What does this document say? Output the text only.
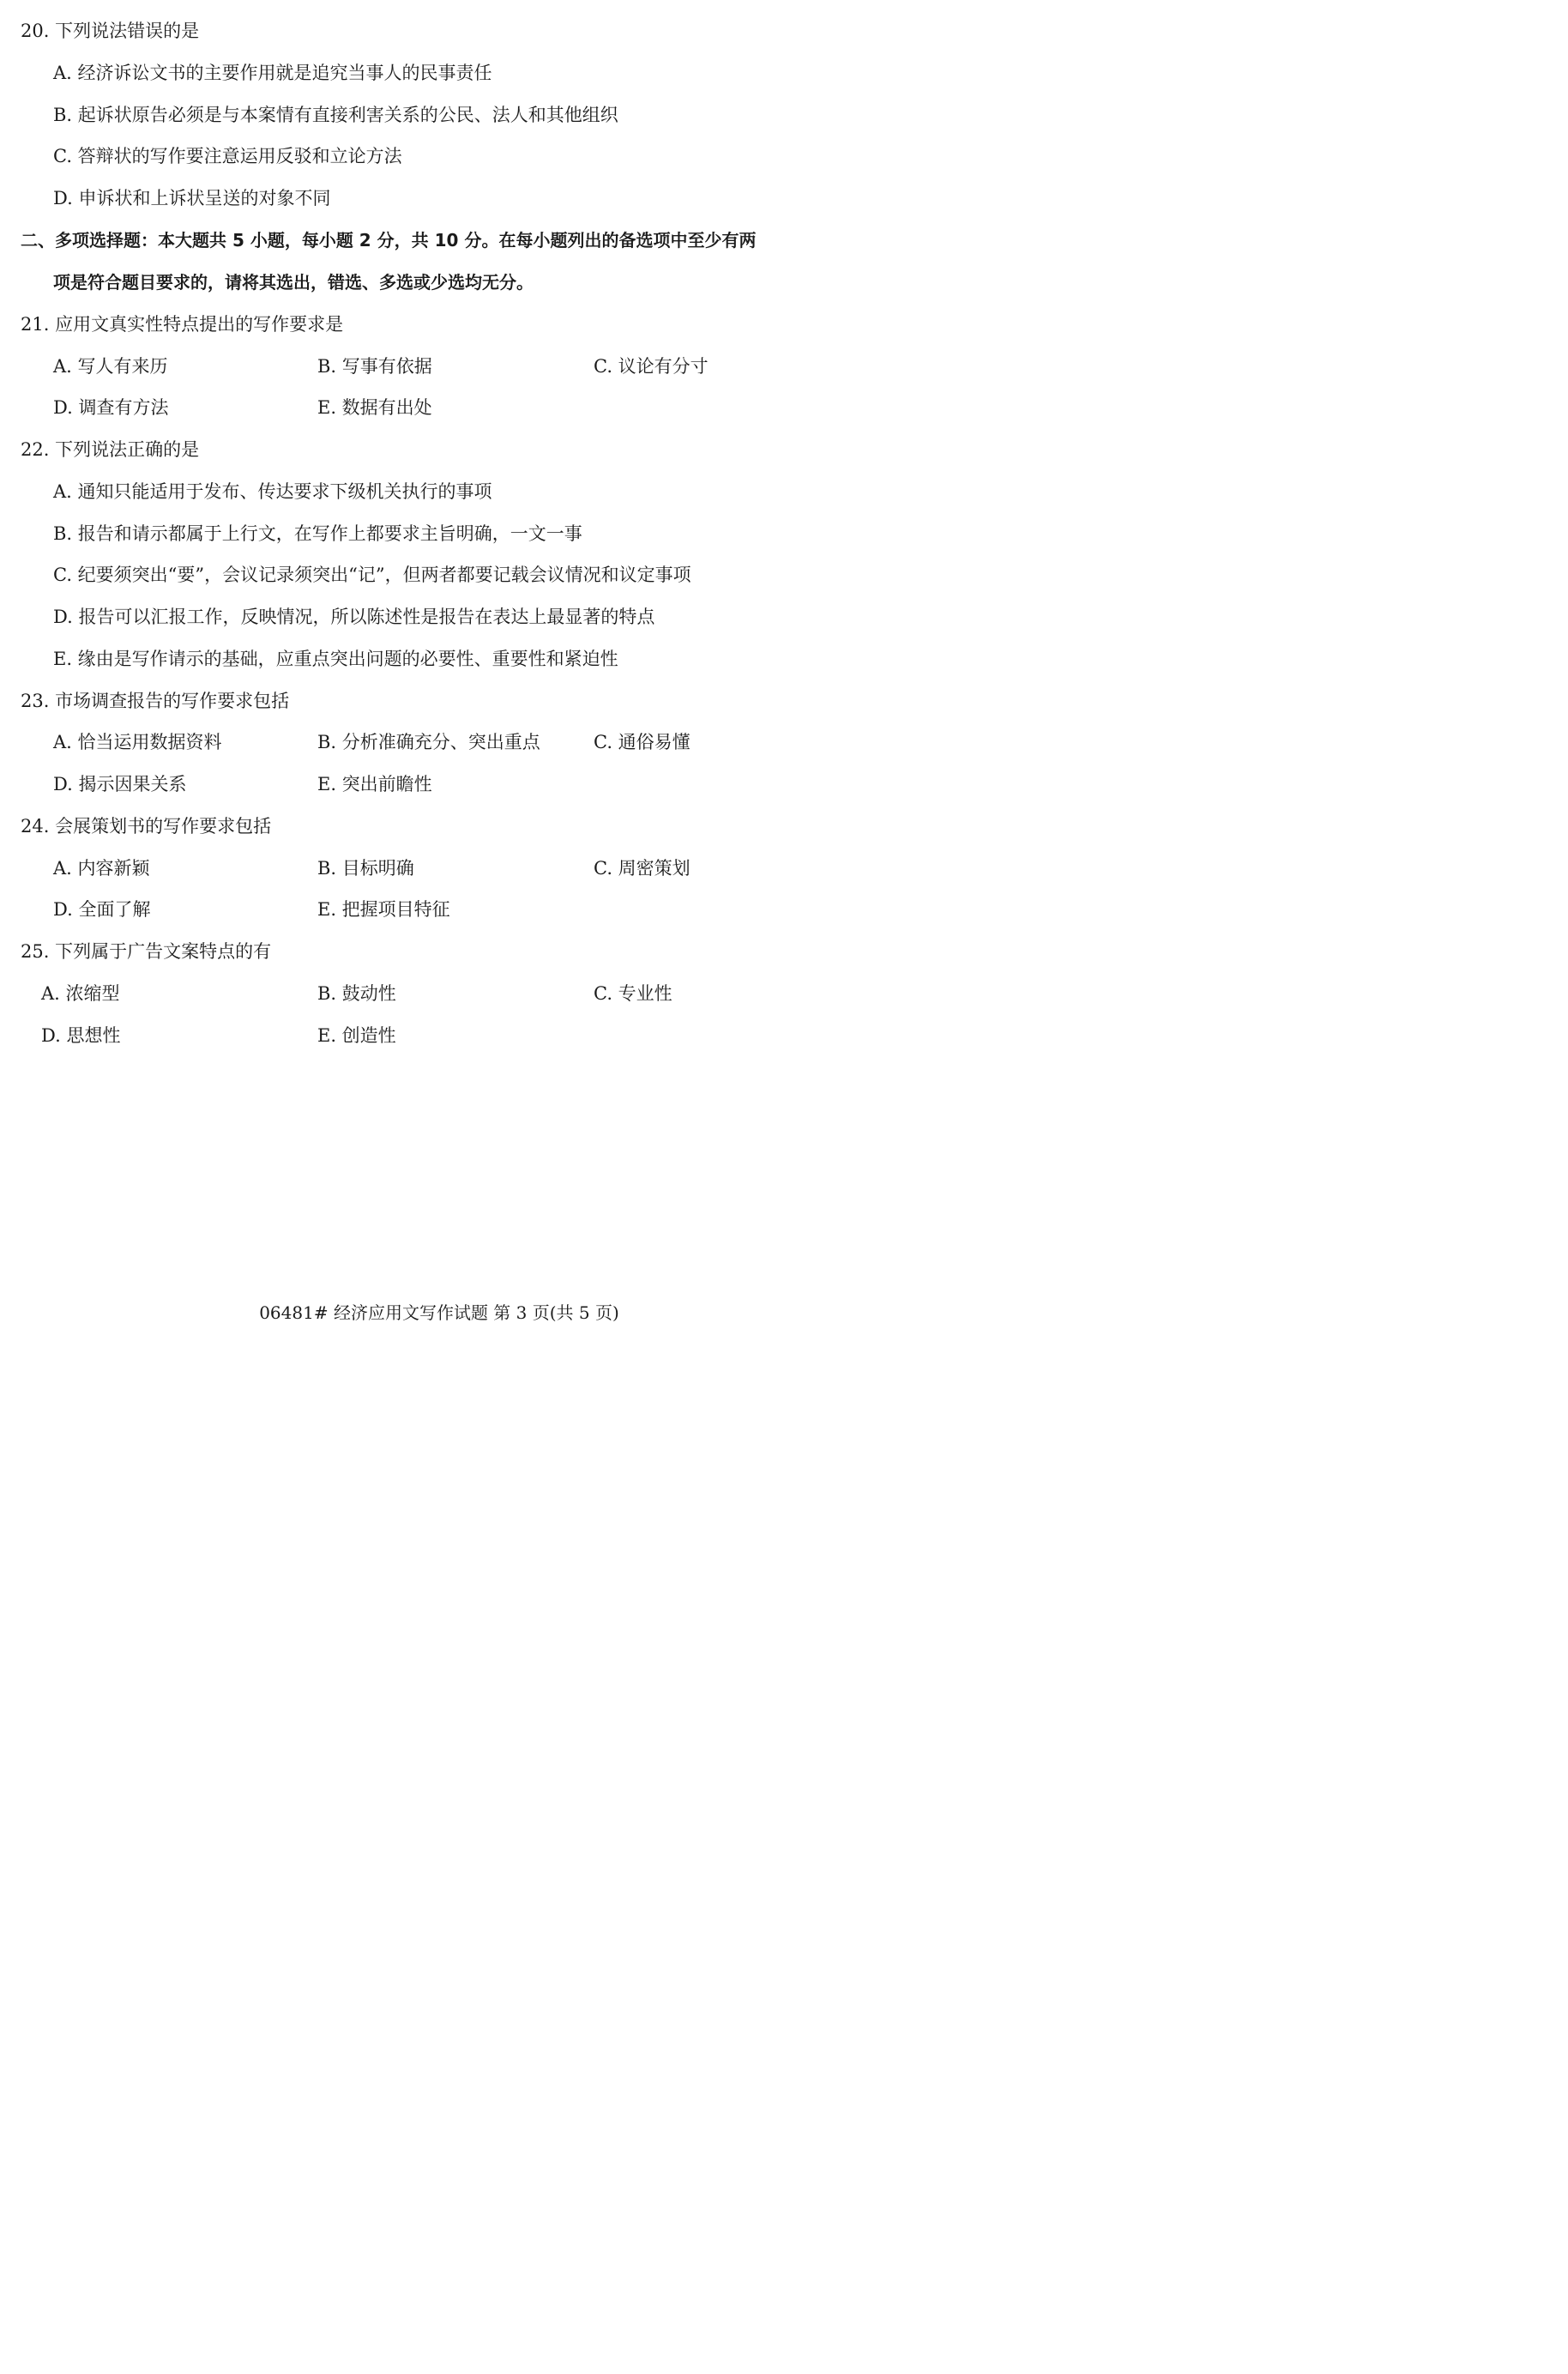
20. 下列说法错误的是
A. 经济诉讼文书的主要作用就是追究当事人的民事责任
B. 起诉状原告必须是与本案情有直接利害关系的公民、法人和其他组织
C. 答辩状的写作要注意运用反驳和立论方法
D. 申诉状和上诉状呈送的对象不同
二、多项选择题：本大题共 5 小题，每小题 2 分，共 10 分。在每小题列出的备选项中至少有两
项是符合题目要求的，请将其选出，错选、多选或少选均无分。
21. 应用文真实性特点提出的写作要求是
A. 写人有来历	B. 写事有依据	C. 议论有分寸
D. 调查有方法	E. 数据有出处
22. 下列说法正确的是
A. 通知只能适用于发布、传达要求下级机关执行的事项
B. 报告和请示都属于上行文，在写作上都要求主旨明确，一文一事
C. 纪要须突出“要”，会议记录须突出“记”，但两者都要记载会议情况和议定事项
D. 报告可以汇报工作，反映情况，所以陈述性是报告在表达上最显著的特点
E. 缘由是写作请示的基础，应重点突出问题的必要性、重要性和紧迫性
23. 市场调查报告的写作要求包括
A. 恰当运用数据资料	B. 分析准确充分、突出重点	C. 通俗易懂
D. 揭示因果关系	E. 突出前瞻性
24. 会展策划书的写作要求包括
A. 内容新颖	B. 目标明确	C. 周密策划
D. 全面了解	E. 把握项目特征
25. 下列属于广告文案特点的有
A. 浓缩型	B. 鼓动性	C. 专业性
D. 思想性	E. 创造性
06481# 经济应用文写作试题 第 3 页(共 5 页)
